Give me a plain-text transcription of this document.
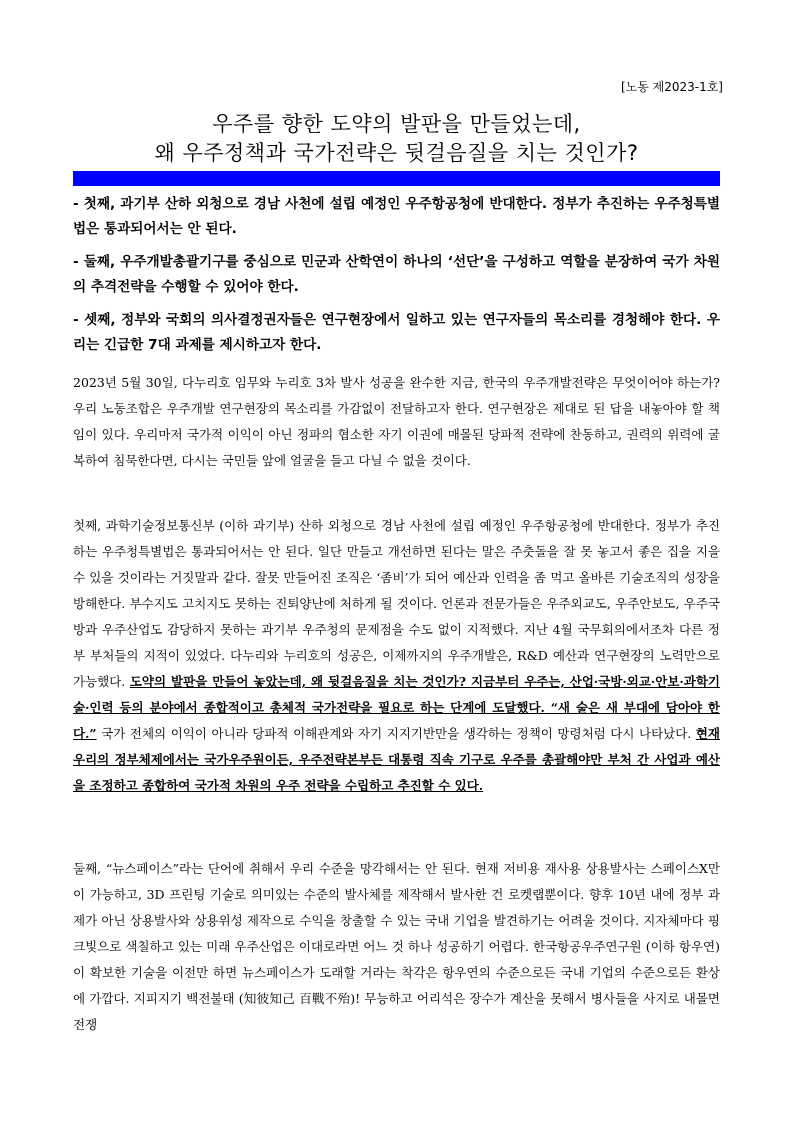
[노동 제2023-1호]
우주를 향한 도약의 발판을 만들었는데,
왜 우주정책과 국가전략은 뒷걸음질을 치는 것인가?

- 첫째, 과기부 산하 외청으로 경남 사천에 설립 예정인 우주항공청에 반대한다. 정부가 추진하는 우주청특별법은 통과되어서는 안 된다.

- 둘째, 우주개발총괄기구를 중심으로 민군과 산학연이 하나의 ‘선단’을 구성하고 역할을 분장하여 국가 차원의 추격전략을 수행할 수 있어야 한다.

- 셋째, 정부와 국회의 의사결정권자들은 연구현장에서 일하고 있는 연구자들의 목소리를 경청해야 한다. 우리는 긴급한 7대 과제를 제시하고자 한다.

2023년 5월 30일, 다누리호 임무와 누리호 3차 발사 성공을 완수한 지금, 한국의 우주개발전략은 무엇이어야 하는가? 우리 노동조합은 우주개발 연구현장의 목소리를 가감없이 전달하고자 한다. 연구현장은 제대로 된 답을 내놓아야 할 책임이 있다. 우리마저 국가적 이익이 아닌 정파의 협소한 자기 이권에 매몰된 당파적 전략에 찬동하고, 권력의 위력에 굴복하여 침묵한다면, 다시는 국민들 앞에 얼굴을 들고 다닐 수 없을 것이다.

첫째, 과학기술정보통신부 (이하 과기부) 산하 외청으로 경남 사천에 설립 예정인 우주항공청에 반대한다. 정부가 추진하는 우주청특별법은 통과되어서는 안 된다. 일단 만들고 개선하면 된다는 말은 주춧돌을 잘 못 놓고서 좋은 집을 지을 수 있을 것이라는 거짓말과 같다. 잘못 만들어진 조직은 ‘좀비’가 되어 예산과 인력을 좀 먹고 올바른 기술조직의 성장을 방해한다. 부수지도 고치지도 못하는 진퇴양난에 처하게 될 것이다. 언론과 전문가들은 우주외교도, 우주안보도, 우주국방과 우주산업도 감당하지 못하는 과기부 우주청의 문제점을 수도 없이 지적했다. 지난 4월 국무회의에서조차 다른 정부 부처들의 지적이 있었다. 다누리와 누리호의 성공은, 이제까지의 우주개발은, R&D 예산과 연구현장의 노력만으로 가능했다. 도약의 발판을 만들어 놓았는데, 왜 뒷걸음질을 치는 것인가? 지금부터 우주는, 산업·국방·외교·안보·과학기술·인력 등의 분야에서 종합적이고 총체적 국가전략을 필요로 하는 단계에 도달했다. “새 술은 새 부대에 담아야 한다.” 국가 전체의 이익이 아니라 당파적 이해관계와 자기 지지기반만을 생각하는 정책이 망령처럼 다시 나타났다. 현재 우리의 정부체제에서는 국가우주원이든, 우주전략본부든 대통령 직속 기구로 우주를 총괄해야만 부처 간 사업과 예산을 조정하고 종합하여 국가적 차원의 우주 전략을 수립하고 추진할 수 있다.

둘째, “뉴스페이스”라는 단어에 취해서 우리 수준을 망각해서는 안 된다. 현재 저비용 재사용 상용발사는 스페이스X만이 가능하고, 3D 프린팅 기술로 의미있는 수준의 발사체를 제작해서 발사한 건 로켓랩뿐이다. 향후 10년 내에 정부 과제가 아닌 상용발사와 상용위성 제작으로 수익을 창출할 수 있는 국내 기업을 발견하기는 어려울 것이다. 지자체마다 핑크빛으로 색칠하고 있는 미래 우주산업은 이대로라면 어느 것 하나 성공하기 어렵다. 한국항공우주연구원 (이하 항우연)이 확보한 기술을 이전만 하면 뉴스페이스가 도래할 거라는 착각은 항우연의 수준으로든 국내 기업의 수준으로든 환상에 가깝다. 지피지기 백전불태 (知彼知己 百戰不殆)! 무능하고 어리석은 장수가 계산을 못해서 병사들을 사지로 내몰면 전쟁
